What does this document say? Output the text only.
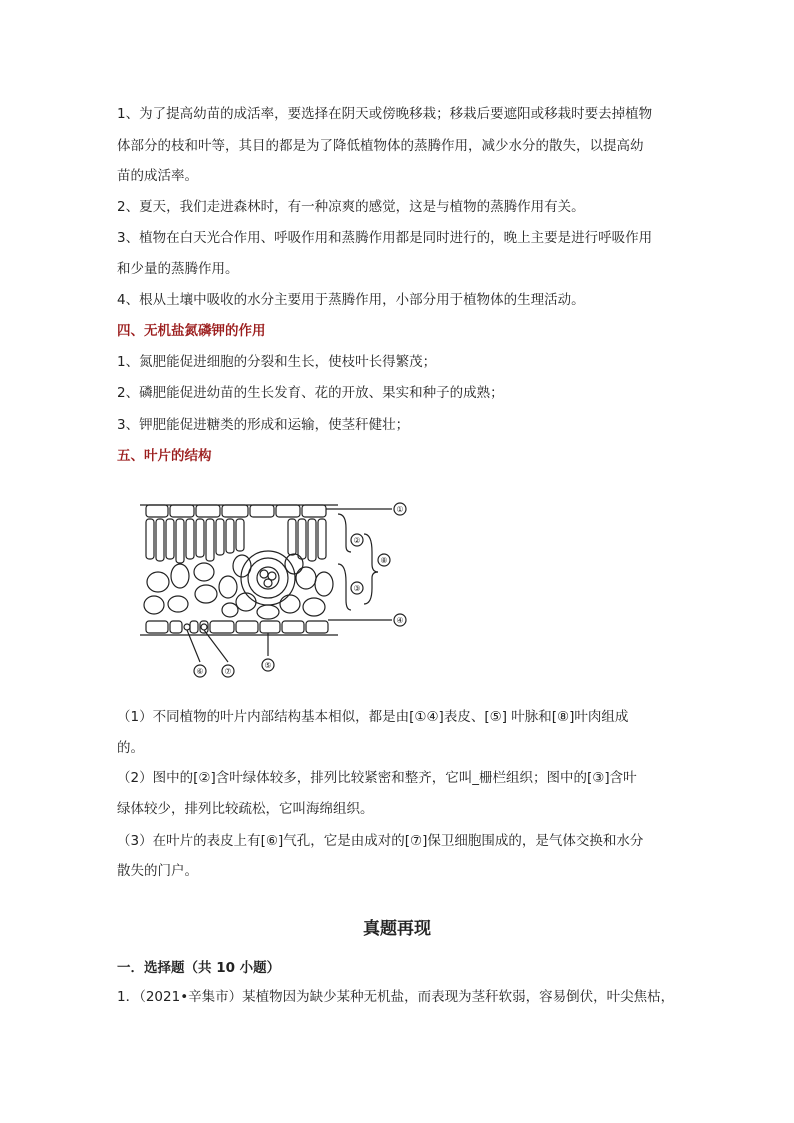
1、为了提高幼苗的成活率，要选择在阴天或傍晚移栽；移栽后要遮阳或移栽时要去掉植物

体部分的枝和叶等，其目的都是为了降低植物体的蒸腾作用，减少水分的散失，以提高幼

苗的成活率。

2、夏天，我们走进森林时，有一种凉爽的感觉，这是与植物的蒸腾作用有关。

3、植物在白天光合作用、呼吸作用和蒸腾作用都是同时进行的，晚上主要是进行呼吸作用

和少量的蒸腾作用。

4、根从土壤中吸收的水分主要用于蒸腾作用，小部分用于植物体的生理活动。

四、无机盐氮磷钾的作用

1、氮肥能促进细胞的分裂和生长，使枝叶长得繁茂；

2、磷肥能促进幼苗的生长发育、花的开放、果实和种子的成熟；

3、钾肥能促进糖类的形成和运输，使茎秆健壮；

五、叶片的结构

①
②
③
④
⑤
⑥	⑦
⑧

（1）不同植物的叶片内部结构基本相似，都是由[①④]表皮、[⑤] 叶脉和[⑧]叶肉组成

的。

（2）图中的[②]含叶绿体较多，排列比较紧密和整齐，它叫_栅栏组织；图中的[③]含叶

绿体较少，排列比较疏松，它叫海绵组织。

（3）在叶片的表皮上有[⑥]气孔，它是由成对的[⑦]保卫细胞围成的，是气体交换和水分

散失的门户。

真题再现

一．选择题（共 10 小题）

1．（2021•辛集市）某植物因为缺少某种无机盐，而表现为茎秆软弱，容易倒伏，叶尖焦枯，
